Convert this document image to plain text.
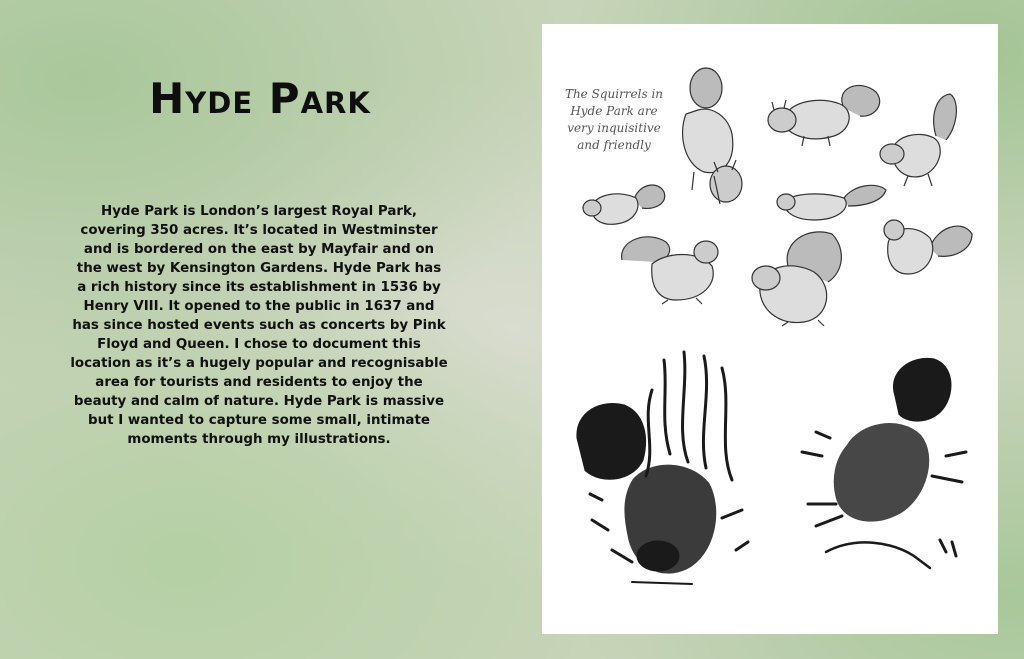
Hyde Park
Hyde Park is London’s largest Royal Park, covering 350 acres. It’s located in Westminster and is bordered on the east by Mayfair and on the west by Kensington Gardens. Hyde Park has a rich history since its establishment in 1536 by Henry VIII. It opened to the public in 1637 and has since hosted events such as concerts by Pink Floyd and Queen. I chose to document this location as it’s a hugely popular and recognisable area for tourists and residents to enjoy the beauty and calm of nature. Hyde Park is massive but I wanted to capture some small, intimate moments through my illustrations.
The Squirrels in Hyde Park are very inquisitive and friendly
